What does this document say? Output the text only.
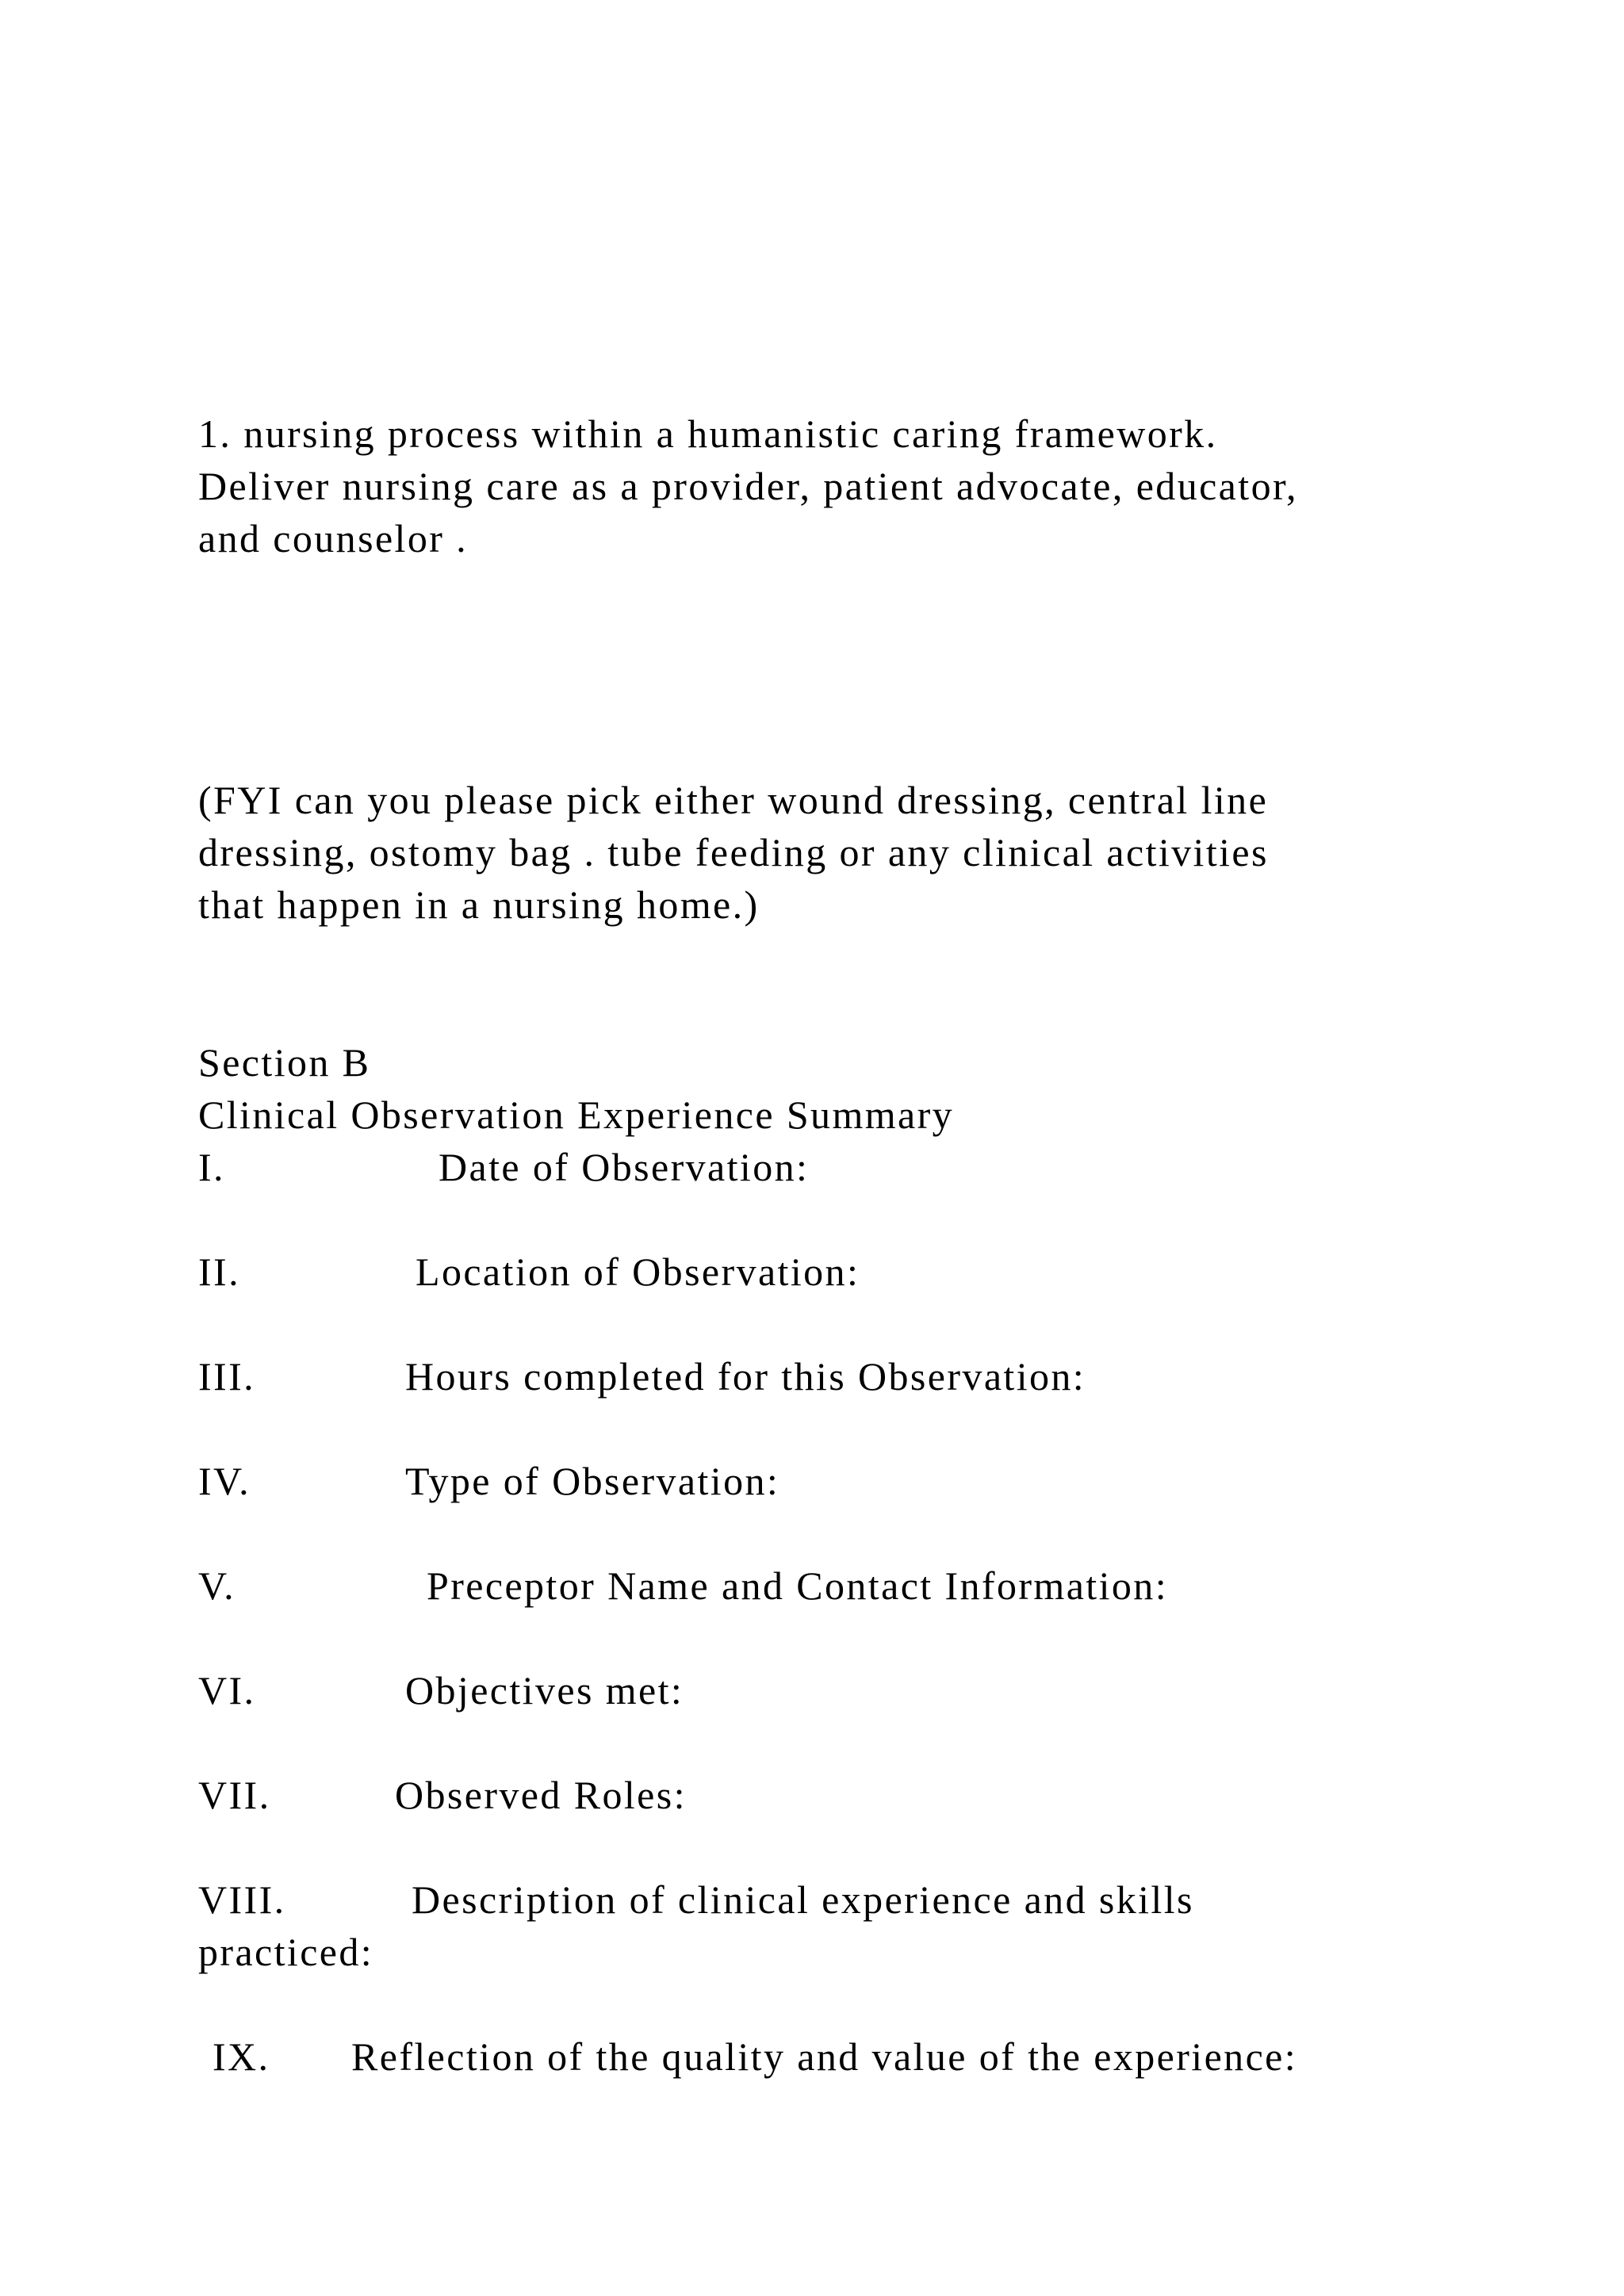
1. nursing process within a humanistic caring framework.
Deliver nursing care as a provider, patient advocate, educator,
and counselor .
(FYI can you please pick either wound dressing, central line
dressing, ostomy bag . tube feeding or any clinical activities
that happen in a nursing home.)
Section B
Clinical Observation Experience Summary
I.	Date of Observation:
II.	Location of Observation:
III.	Hours completed for this Observation:
IV.	Type of Observation:
V.	Preceptor Name and Contact Information:
VI.	Objectives met:
VII.	Observed Roles:
VIII.	Description of clinical experience and skills
practiced:
IX. Reflection of the quality and value of the experience:
